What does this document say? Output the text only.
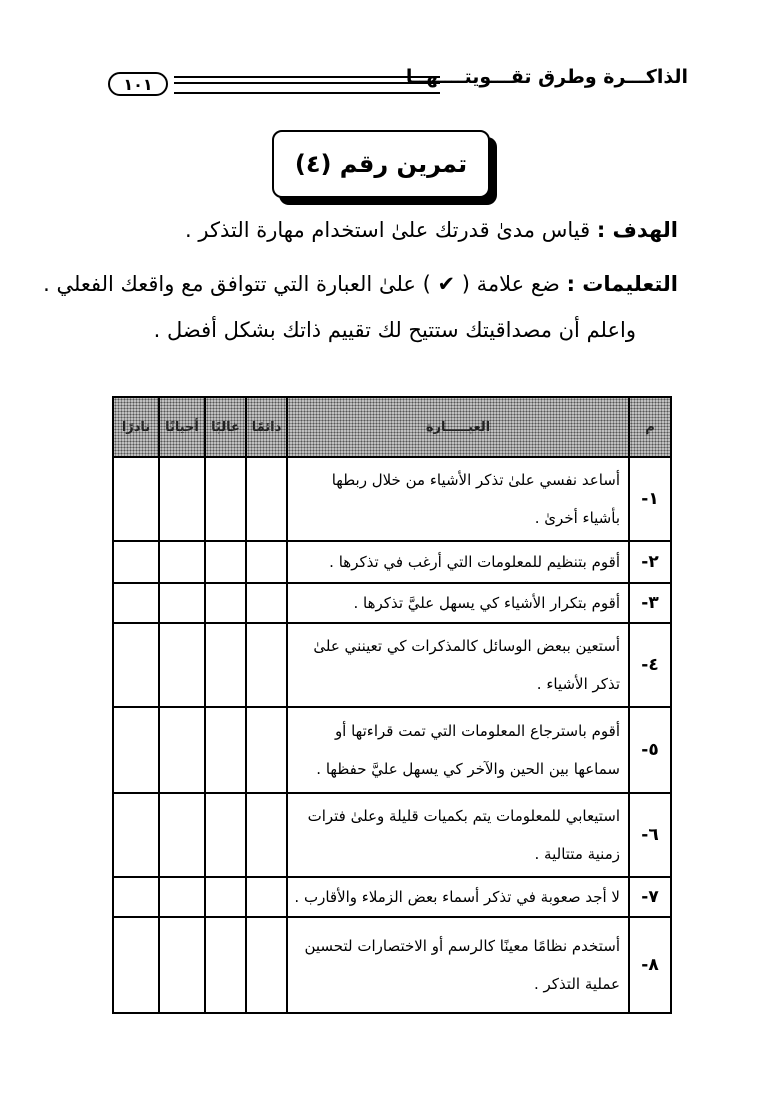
١٠١	الذاكـــرة وطرق تقـــويتــــهــا
تمرين رقم (٤)
الهدف : قياس مدىٰ قدرتك علىٰ استخدام مهارة التذكر .
التعليمات : ضع علامة ( ✔ ) علىٰ العبارة التي تتوافق مع واقعك الفعلي .
واعلم أن مصداقيتك ستتيح لك تقييم ذاتك بشكل أفضل .
م	العبـــــارة	دائمًا	غالبًا	أحيانًا	نادرًا
١-	أساعد نفسي علىٰ تذكر الأشياء من خلال ربطها بأشياء أخرىٰ .				
٢-	أقوم بتنظيم للمعلومات التي أرغب في تذكرها .				
٣-	أقوم بتكرار الأشياء كي يسهل عليَّ تذكرها .				
٤-	أستعين ببعض الوسائل كالمذكرات كي تعينني علىٰ تذكر الأشياء .				
٥-	أقوم باسترجاع المعلومات التي تمت قراءتها أو سماعها بين الحين والآخر كي يسهل عليَّ حفظها .				
٦-	استيعابي للمعلومات يتم بكميات قليلة وعلىٰ فترات زمنية متتالية .				
٧-	لا أجد صعوبة في تذكر أسماء بعض الزملاء والأقارب .				
٨-	أستخدم نظامًا معينًا كالرسم أو الاختصارات لتحسين عملية التذكر .				
